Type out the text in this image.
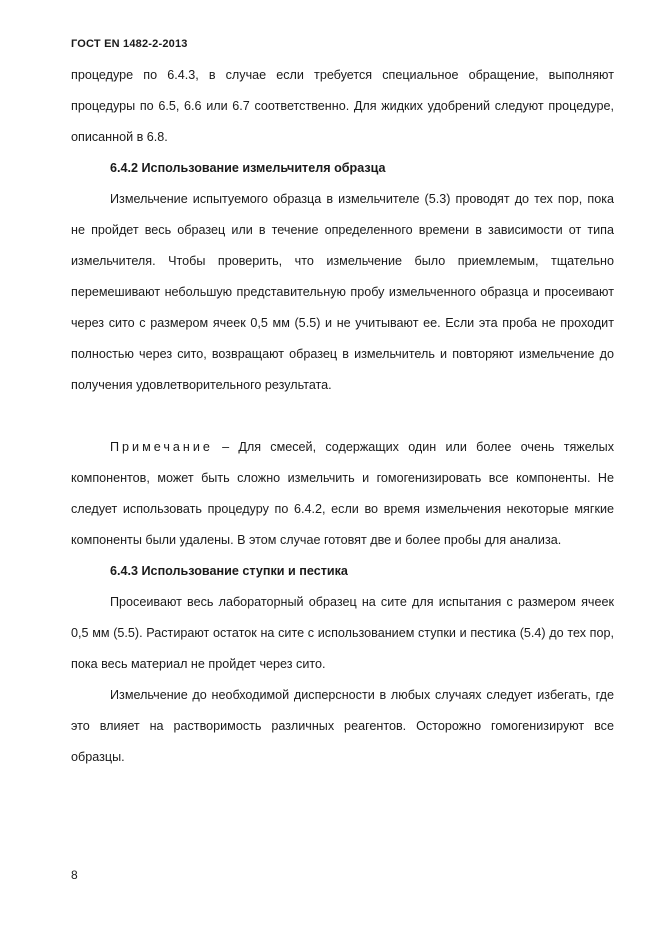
ГОСТ EN 1482-2-2013

процедуре по 6.4.3, в случае если требуется специальное обращение, выполняют процедуры по 6.5, 6.6 или 6.7 соответственно. Для жидких удобрений следуют процедуре, описанной в 6.8.

6.4.2 Использование измельчителя образца

Измельчение испытуемого образца в измельчителе (5.3) проводят до тех пор, пока не пройдет весь образец или в течение определенного времени в зависимости от типа измельчителя. Чтобы проверить, что измельчение было приемлемым, тщательно перемешивают небольшую представительную пробу измельченного образца и просеивают через сито с размером ячеек 0,5 мм (5.5) и не учитывают ее. Если эта проба не проходит полностью через сито, возвращают образец в измельчитель и повторяют измельчение до получения удовлетворительного результата.

Примечание – Для смесей, содержащих один или более очень тяжелых компонентов, может быть сложно измельчить и гомогенизировать все компоненты. Не следует использовать процедуру по 6.4.2, если во время измельчения некоторые мягкие компоненты были удалены. В этом случае готовят две и более пробы для анализа.

6.4.3 Использование ступки и пестика

Просеивают весь лабораторный образец на сите для испытания с размером ячеек 0,5 мм (5.5). Растирают остаток на сите с использованием ступки и пестика (5.4) до тех пор, пока весь материал не пройдет через сито.

Измельчение до необходимой дисперсности в любых случаях следует избегать, где это влияет на растворимость различных реагентов. Осторожно гомогенизируют все образцы.

8
